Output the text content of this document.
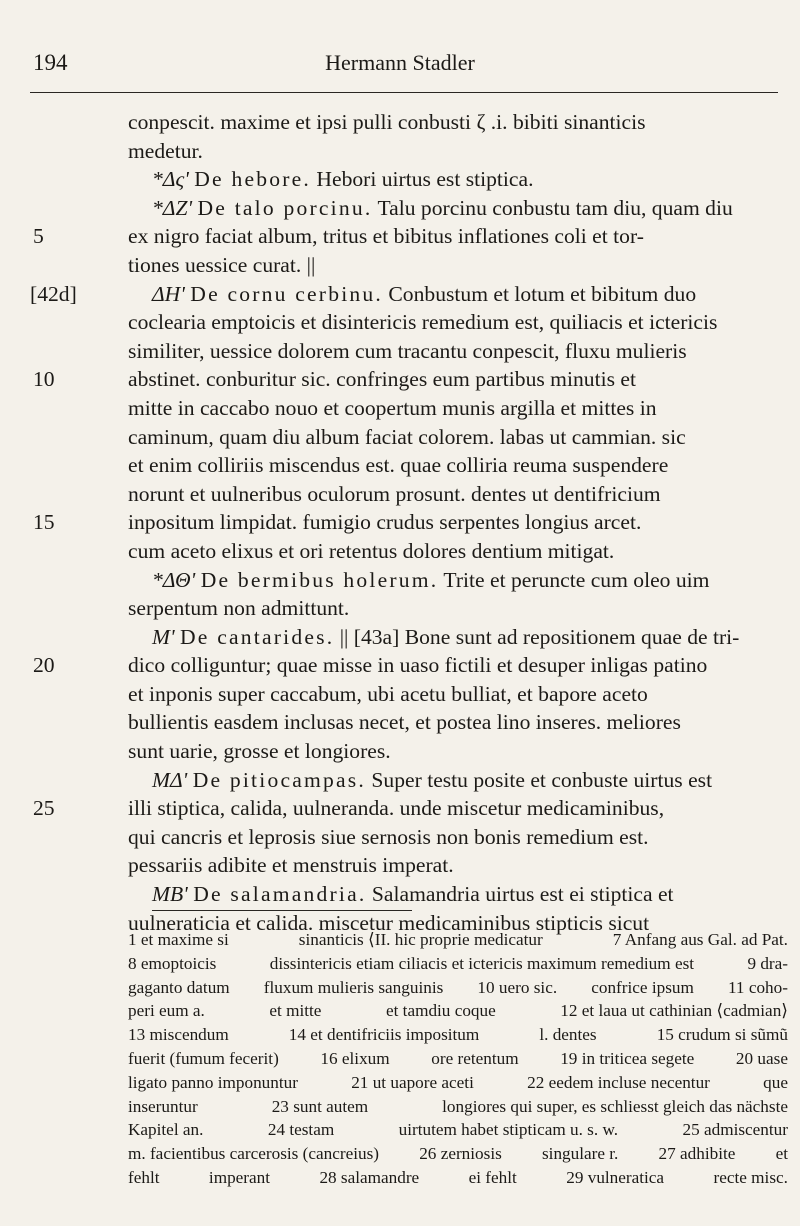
194	Hermann Stadler
conpescit. maxime et ipsi pulli conbusti ζ .i. bibiti sinanticis
medetur.
*Δς' De hebore. Hebori uirtus est stiptica.
*ΔΖ' De talo porcinu. Talu porcinu conbustu tam diu, quam diu
5	ex nigro faciat album, tritus et bibitus inflationes coli et tor-
tiones uessice curat. ||
[42d]	ΔΗ' De cornu cerbinu. Conbustum et lotum et bibitum duo
coclearia emptoicis et disintericis remedium est, quiliacis et ictericis
similiter, uessice dolorem cum tracantu conpescit, fluxu mulieris
10	abstinet. conburitur sic. confringes eum partibus minutis et
mitte in caccabo nouo et coopertum munis argilla et mittes in
caminum, quam diu album faciat colorem. labas ut cammian. sic
et enim colliriis miscendus est. quae colliria reuma suspendere
norunt et uulneribus oculorum prosunt. dentes ut dentifricium
15	inpositum limpidat. fumigio crudus serpentes longius arcet.
cum aceto elixus et ori retentus dolores dentium mitigat.
*ΔΘ' De bermibus holerum. Trite et peruncte cum oleo uim
serpentum non admittunt.
M' De cantarides. || [43a] Bone sunt ad repositionem quae de tri-
20	dico colliguntur; quae misse in uaso fictili et desuper inligas patino
et inponis super caccabum, ubi acetu bulliat, et bapore aceto
bullientis easdem inclusas necet, et postea lino inseres. meliores
sunt uarie, grosse et longiores.
MΔ' De pitiocampas. Super testu posite et conbuste uirtus est
25	illi stiptica, calida, uulneranda. unde miscetur medicaminibus,
qui cancris et leprosis siue sernosis non bonis remedium est.
pessariis adibite et menstruis imperat.
MB' De salamandria. Salamandria uirtus est ei stiptica et
uulneraticia et calida. miscetur medicaminibus stipticis sicut
1 et maxime si	sinanticis ⟨II. hic proprie medicatur	7 Anfang aus Gal. ad Pat.
8 emoptoicis	dissintericis etiam ciliacis et ictericis maximum remedium est	9 dra-
gaganto datum fluxum mulieris sanguinis 10 uero sic. confrice ipsum 11 coho-
peri eum a.	et mitte	et tamdiu coque	12 et laua ut cathinian ⟨cadmian⟩
13 miscendum	14 et dentifriciis impositum	l. dentes	15 crudum si sũmũ
fuerit (fumum fecerit) 16 elixum ore retentum 19 in triticea segete 20 uase
ligato panno imponuntur	21 ut uapore aceti	22 eedem incluse necentur	que
inseruntur	23 sunt autem	longiores qui super, es schliesst gleich das nächste
Kapitel an.	24 testam	uirtutem habet stipticam u. s. w.	25 admiscentur
m. facientibus carcerosis (cancreius) 26 zerniosis singulare r. 27 adhibite et
fehlt	imperant	28 salamandre	ei fehlt	29 vulneratica	recte misc.
